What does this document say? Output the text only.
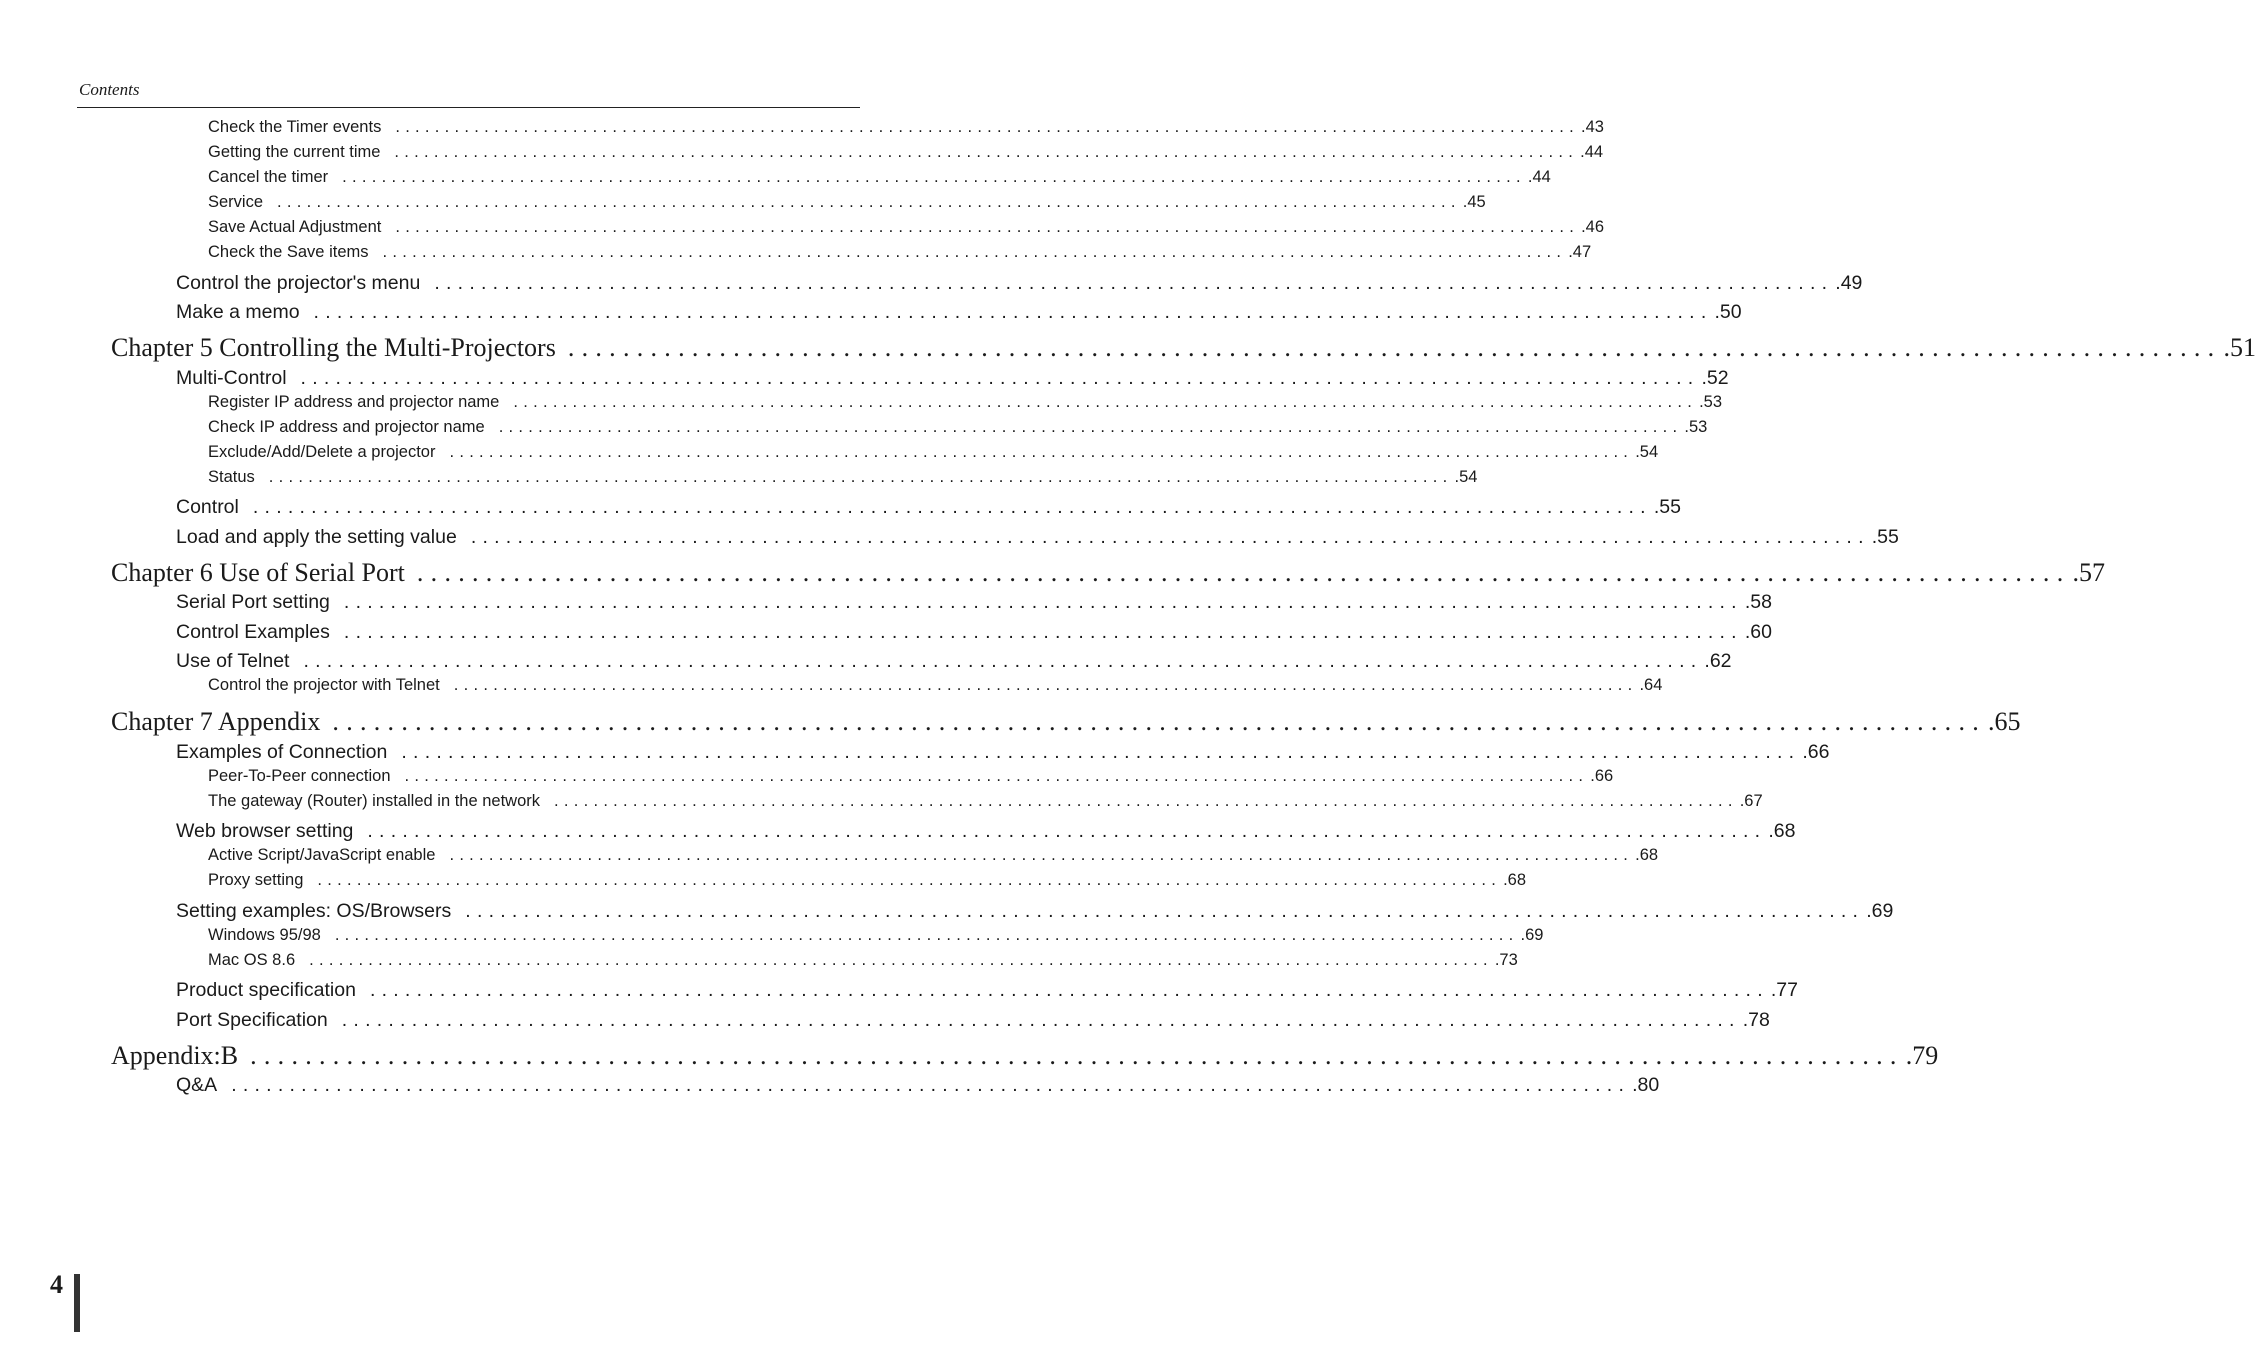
Contents
Check the Timer events ........................................................................................................................ .43
Getting the current time ........................................................................................................................ .44
Cancel the timer ........................................................................................................................ .44
Service ........................................................................................................................ .45
Save Actual Adjustment ........................................................................................................................ .46
Check the Save items ........................................................................................................................ .47
Control the projector's menu ........................................................................................................................ .49
Make a memo ........................................................................................................................ .50
Chapter 5 Controlling the Multi-Projectors ........................................................................................................................ .51
Multi-Control ........................................................................................................................ .52
Register IP address and projector name ........................................................................................................................ .53
Check IP address and projector name ........................................................................................................................ .53
Exclude/Add/Delete a projector ........................................................................................................................ .54
Status ........................................................................................................................ .54
Control ........................................................................................................................ .55
Load and apply the setting value ........................................................................................................................ .55
Chapter 6 Use of Serial Port ........................................................................................................................ .57
Serial Port setting ........................................................................................................................ .58
Control Examples ........................................................................................................................ .60
Use of Telnet ........................................................................................................................ .62
Control the projector with Telnet ........................................................................................................................ .64
Chapter 7 Appendix ........................................................................................................................ .65
Examples of Connection ........................................................................................................................ .66
Peer-To-Peer connection ........................................................................................................................ .66
The gateway (Router) installed in the network ........................................................................................................................ .67
Web browser setting ........................................................................................................................ .68
Active Script/JavaScript enable ........................................................................................................................ .68
Proxy setting ........................................................................................................................ .68
Setting examples: OS/Browsers ........................................................................................................................ .69
Windows 95/98 ........................................................................................................................ .69
Mac OS 8.6 ........................................................................................................................ .73
Product specification ........................................................................................................................ .77
Port Specification ........................................................................................................................ .78
Appendix:B ........................................................................................................................ .79
Q&A ........................................................................................................................ .80
4
